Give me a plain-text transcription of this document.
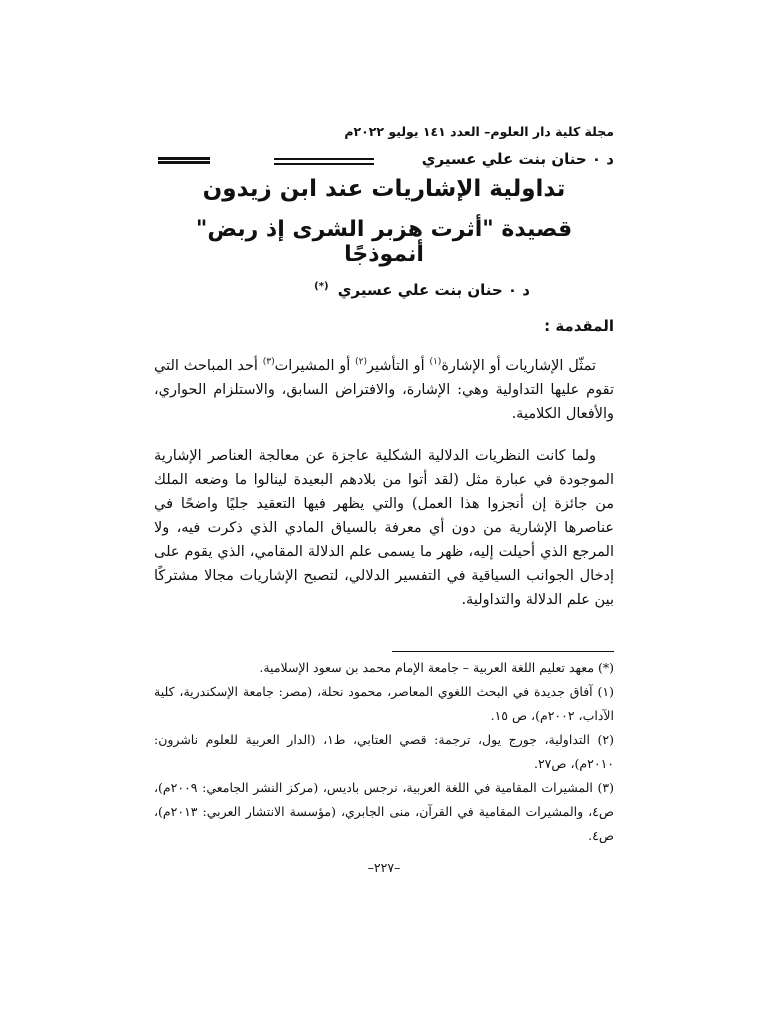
مجلة كلية دار العلوم– العدد ١٤١ يوليو ٢٠٢٢م
د ٠ حنان بنت علي عسيري
تداولية الإشاريات عند ابن زيدون
قصيدة "أثرت هزبر الشرى إذ ربض" أنموذجًا
د ٠ حنان بنت علي عسيري (*)
المقدمة :

تمثّل الإشاريات أو الإشارة$^{(١)}$ أو التأشير$^{(٢)}$ أو المشيرات$^{(٣)}$ أحد المباحث التي تقوم عليها التداولية وهي: الإشارة، والافتراض السابق، والاستلزام الحواري، والأفعال الكلامية.

ولما كانت النظريات الدلالية الشكلية عاجزة عن معالجة العناصر الإشارية الموجودة في عبارة مثل (لقد أتوا من بلادهم البعيدة لينالوا ما وضعه الملك من جائزة إن أنجزوا هذا العمل) والتي يظهر فيها التعقيد جليًا واضحًا في عناصرها الإشارية من دون أي معرفة بالسياق المادي الذي ذكرت فيه، ولا المرجع الذي أحيلت إليه، ظهر ما يسمى علم الدلالة المقامي، الذي يقوم على إدخال الجوانب السياقية في التفسير الدلالي، لتصبح الإشاريات مجالا مشتركًا بين علم الدلالة والتداولية.

(*) معهد تعليم اللغة العربية – جامعة الإمام محمد بن سعود الإسلامية.

(١) آفاق جديدة في البحث اللغوي المعاصر، محمود نحلة، (مصر: جامعة الإسكندرية، كلية الآداب، ٢٠٠٢م)، ص ١٥.

(٢) التداولية، جورج يول، ترجمة: قصي العتابي، ط١، (الدار العربية للعلوم ناشرون: ٢٠١٠م)، ص٢٧.

(٣) المشيرات المقامية في اللغة العربية، نرجس باديس، (مركز النشر الجامعي: ٢٠٠٩م)، ص٤، والمشيرات المقامية في القرآن، منى الجابري، (مؤسسة الانتشار العربي: ٢٠١٣م)، ص٤.

–٢٢٧–
